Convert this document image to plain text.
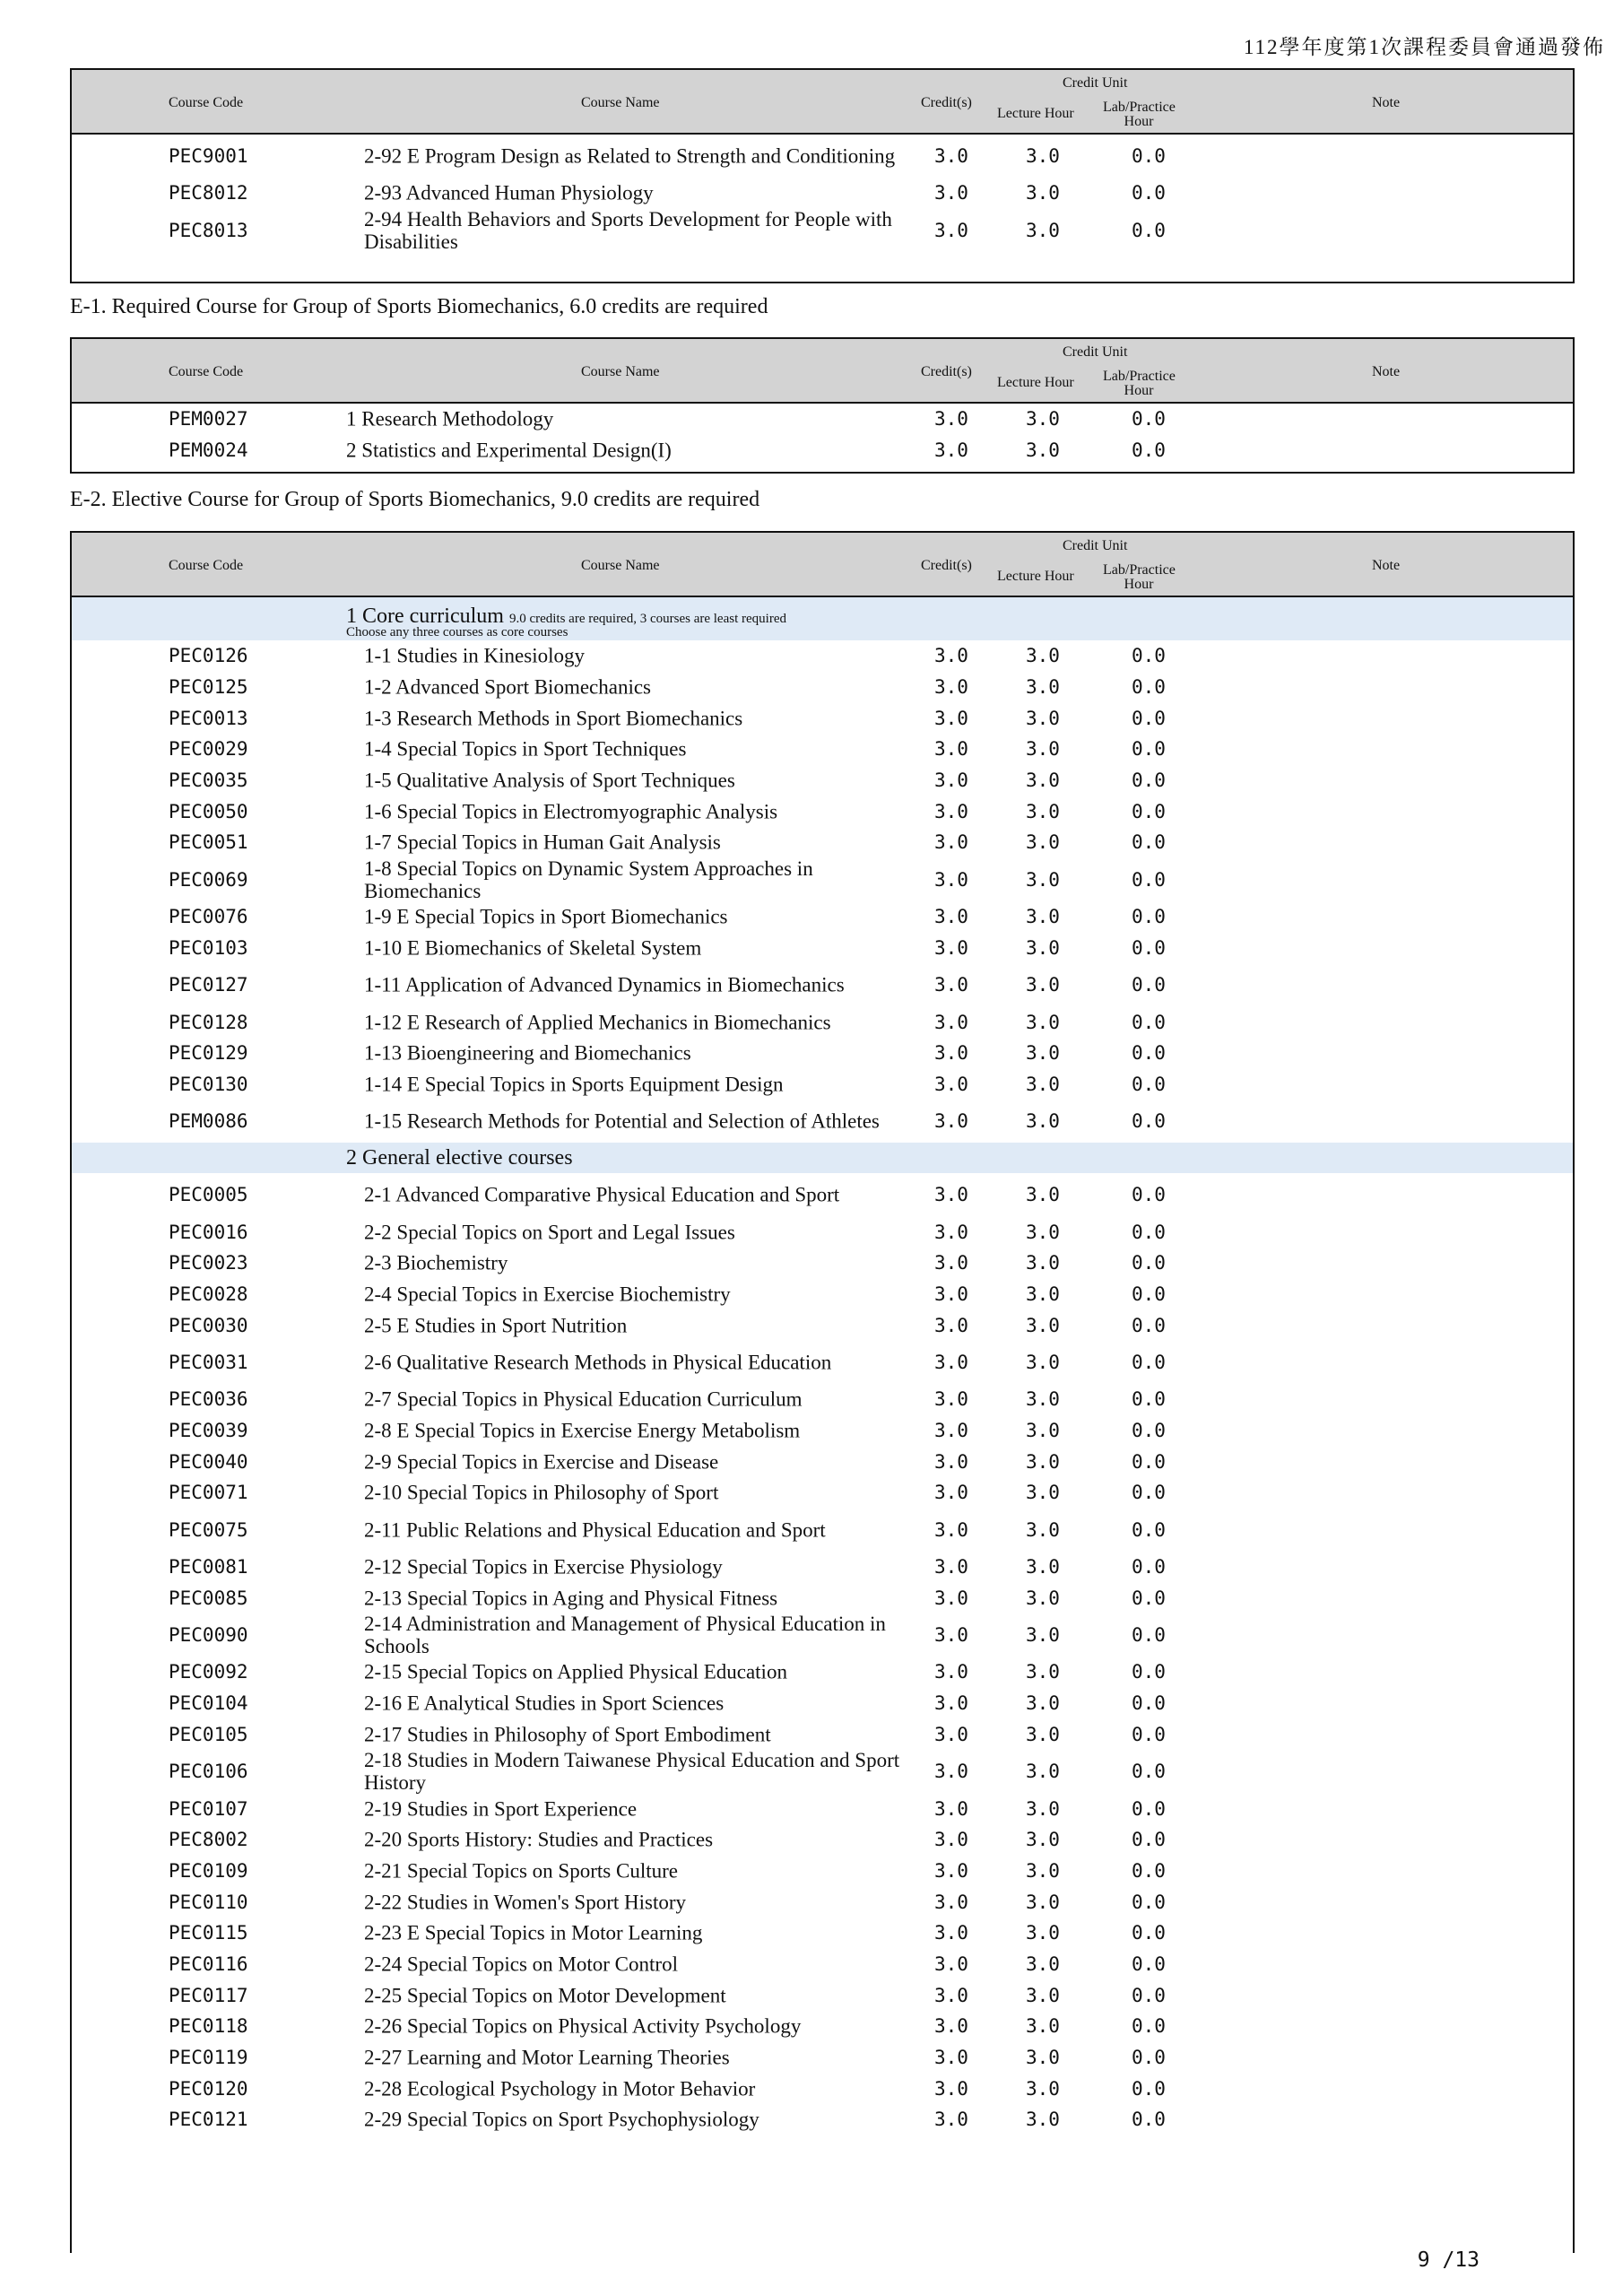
112學年度第1次課程委員會通過發佈
Course Code	Course Name	Credit(s)
Credit Unit
Lecture Hour Lab/Practice Hour
Note
PEC9001	2-92 E Program Design as Related to Strength and Conditioning	3.0	3.0	0.0
PEC8012	2-93 Advanced Human Physiology	3.0	3.0	0.0
PEC8013	2-94 Health Behaviors and Sports Development for People with Disabilities	3.0	3.0	0.0
E-1. Required Course for Group of Sports Biomechanics, 6.0 credits are required
Course Code	Course Name	Credit(s)
Credit Unit
Lecture Hour Lab/Practice Hour
Note
PEM0027	1 Research Methodology	3.0	3.0	0.0
PEM0024	2 Statistics and Experimental Design(I)	3.0	3.0	0.0
E-2. Elective Course for Group of Sports Biomechanics, 9.0 credits are required
Course Code	Course Name	Credit(s)
Credit Unit
Lecture Hour Lab/Practice Hour
Note
1 Core curriculum 9.0 credits are required, 3 courses are least required
Choose any three courses as core courses
PEC0126	1-1 Studies in Kinesiology	3.0	3.0	0.0
PEC0125	1-2 Advanced Sport Biomechanics	3.0	3.0	0.0
PEC0013	1-3 Research Methods in Sport Biomechanics	3.0	3.0	0.0
PEC0029	1-4 Special Topics in Sport Techniques	3.0	3.0	0.0
PEC0035	1-5 Qualitative Analysis of Sport Techniques	3.0	3.0	0.0
PEC0050	1-6 Special Topics in Electromyographic Analysis	3.0	3.0	0.0
PEC0051	1-7 Special Topics in Human Gait Analysis	3.0	3.0	0.0
PEC0069	1-8 Special Topics on Dynamic System Approaches in Biomechanics	3.0	3.0	0.0
PEC0076	1-9 E Special Topics in Sport Biomechanics	3.0	3.0	0.0
PEC0103	1-10 E Biomechanics of Skeletal System	3.0	3.0	0.0
PEC0127	1-11 Application of Advanced Dynamics in Biomechanics	3.0	3.0	0.0
PEC0128	1-12 E Research of Applied Mechanics in Biomechanics	3.0	3.0	0.0
PEC0129	1-13 Bioengineering and Biomechanics	3.0	3.0	0.0
PEC0130	1-14 E Special Topics in Sports Equipment Design	3.0	3.0	0.0
PEM0086	1-15 Research Methods for Potential and Selection of Athletes	3.0	3.0	0.0
2 General elective courses
PEC0005	2-1 Advanced Comparative Physical Education and Sport	3.0	3.0	0.0
PEC0016	2-2 Special Topics on Sport and Legal Issues	3.0	3.0	0.0
PEC0023	2-3 Biochemistry	3.0	3.0	0.0
PEC0028	2-4 Special Topics in Exercise Biochemistry	3.0	3.0	0.0
PEC0030	2-5 E Studies in Sport Nutrition	3.0	3.0	0.0
PEC0031	2-6 Qualitative Research Methods in Physical Education	3.0	3.0	0.0
PEC0036	2-7 Special Topics in Physical Education Curriculum	3.0	3.0	0.0
PEC0039	2-8 E Special Topics in Exercise Energy Metabolism	3.0	3.0	0.0
PEC0040	2-9 Special Topics in Exercise and Disease	3.0	3.0	0.0
PEC0071	2-10 Special Topics in Philosophy of Sport	3.0	3.0	0.0
PEC0075	2-11 Public Relations and Physical Education and Sport	3.0	3.0	0.0
PEC0081	2-12 Special Topics in Exercise Physiology	3.0	3.0	0.0
PEC0085	2-13 Special Topics in Aging and Physical Fitness	3.0	3.0	0.0
PEC0090	2-14 Administration and Management of Physical Education in Schools	3.0	3.0	0.0
PEC0092	2-15 Special Topics on Applied Physical Education	3.0	3.0	0.0
PEC0104	2-16 E Analytical Studies in Sport Sciences	3.0	3.0	0.0
PEC0105	2-17 Studies in Philosophy of Sport Embodiment	3.0	3.0	0.0
PEC0106	2-18 Studies in Modern Taiwanese Physical Education and Sport History	3.0	3.0	0.0
PEC0107	2-19 Studies in Sport Experience	3.0	3.0	0.0
PEC8002	2-20 Sports History: Studies and Practices	3.0	3.0	0.0
PEC0109	2-21 Special Topics on Sports Culture	3.0	3.0	0.0
PEC0110	2-22 Studies in Women's Sport History	3.0	3.0	0.0
PEC0115	2-23 E Special Topics in Motor Learning	3.0	3.0	0.0
PEC0116	2-24 Special Topics on Motor Control	3.0	3.0	0.0
PEC0117	2-25 Special Topics on Motor Development	3.0	3.0	0.0
PEC0118	2-26 Special Topics on Physical Activity Psychology	3.0	3.0	0.0
PEC0119	2-27 Learning and Motor Learning Theories	3.0	3.0	0.0
PEC0120	2-28 Ecological Psychology in Motor Behavior	3.0	3.0	0.0
PEC0121	2-29 Special Topics on Sport Psychophysiology	3.0	3.0	0.0
9 /13
